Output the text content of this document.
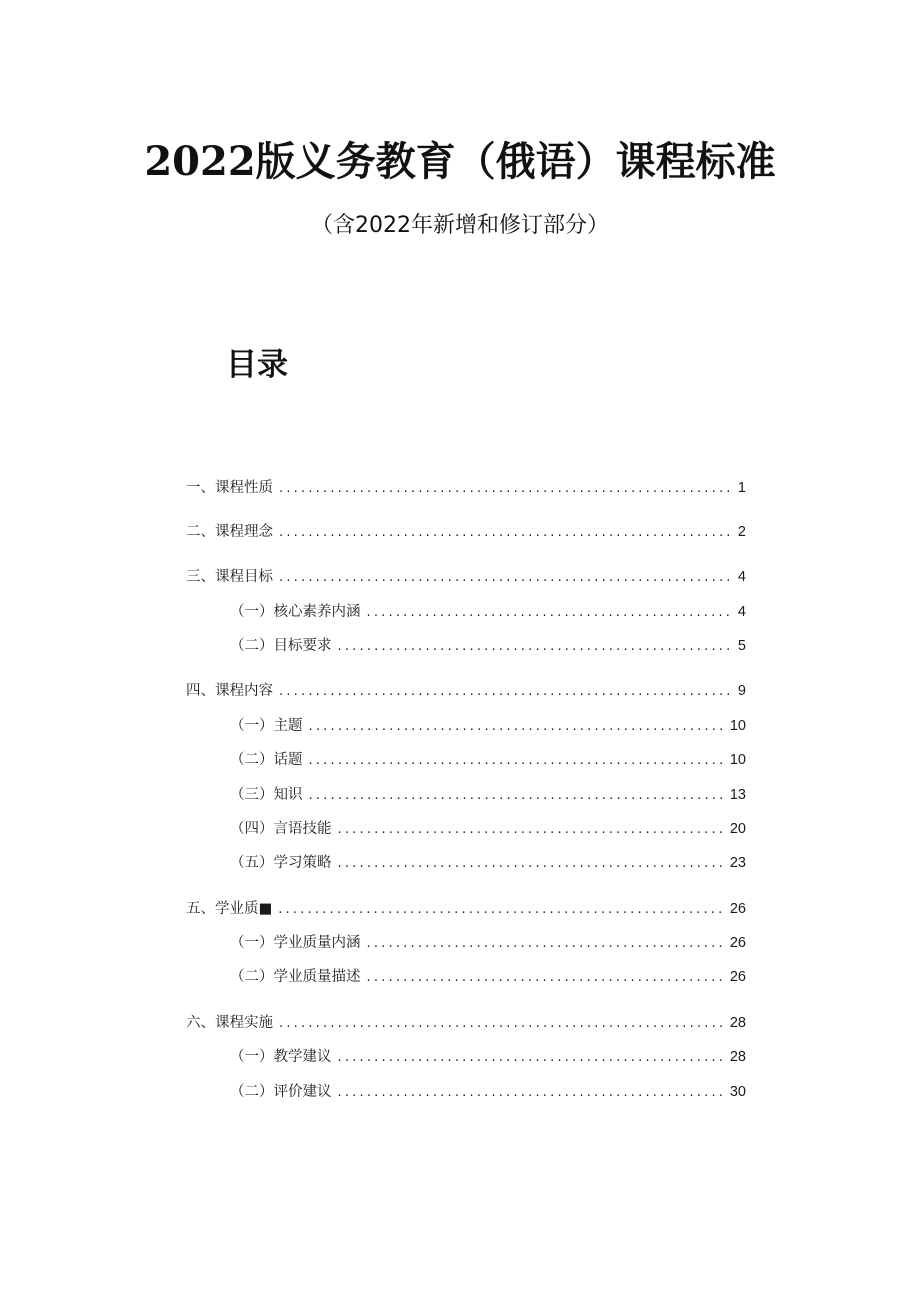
2022版义务教育（俄语）课程标准

（含2022年新增和修订部分）

目录
一、课程性质 .....	1
二、课程理念 .....	2
三、课程目标 .....	4
（一）核心素养内涵 .....	4
（二）目标要求 .....	5
四、课程内容 .....	9
（一）主题 .....	10
（二）话题 .....	10
（三）知识 .....	13
（四）言语技能 .....	20
（五）学习策略 .....	23
五、学业质■ .....	26
（一）学业质量内涵 .....	26
（二）学业质量描述 .....	26
六、课程实施 .....	28
（一）教学建议 .....	28
（二）评价建议 .....	30
